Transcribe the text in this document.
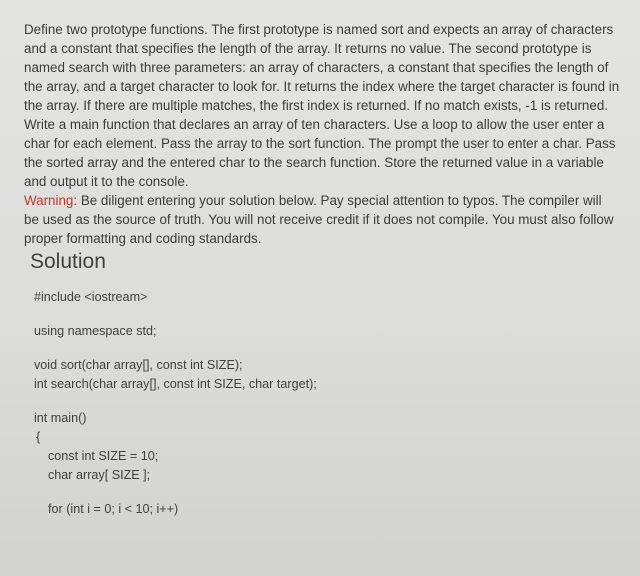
Define two prototype functions. The first prototype is named sort and expects an array of characters and a constant that specifies the length of the array. It returns no value. The second prototype is named search with three parameters: an array of characters, a constant that specifies the length of the array, and a target character to look for. It returns the index where the target character is found in the array. If there are multiple matches, the first index is returned. If no match exists, -1 is returned.

Write a main function that declares an array of ten characters. Use a loop to allow the user enter a char for each element. Pass the array to the sort function. The prompt the user to enter a char. Pass the sorted array and the entered char to the search function. Store the returned value in a variable and output it to the console.

Warning: Be diligent entering your solution below. Pay special attention to typos. The compiler will be used as the source of truth. You will not receive credit if it does not compile. You must also follow proper formatting and coding standards.

Solution
#include <iostream>
using namespace std;
void sort(char array[], const int SIZE);
int search(char array[], const int SIZE, char target);
int main()
{
const int SIZE = 10;
char array[ SIZE ];
for (int i = 0; i < 10; i++)
